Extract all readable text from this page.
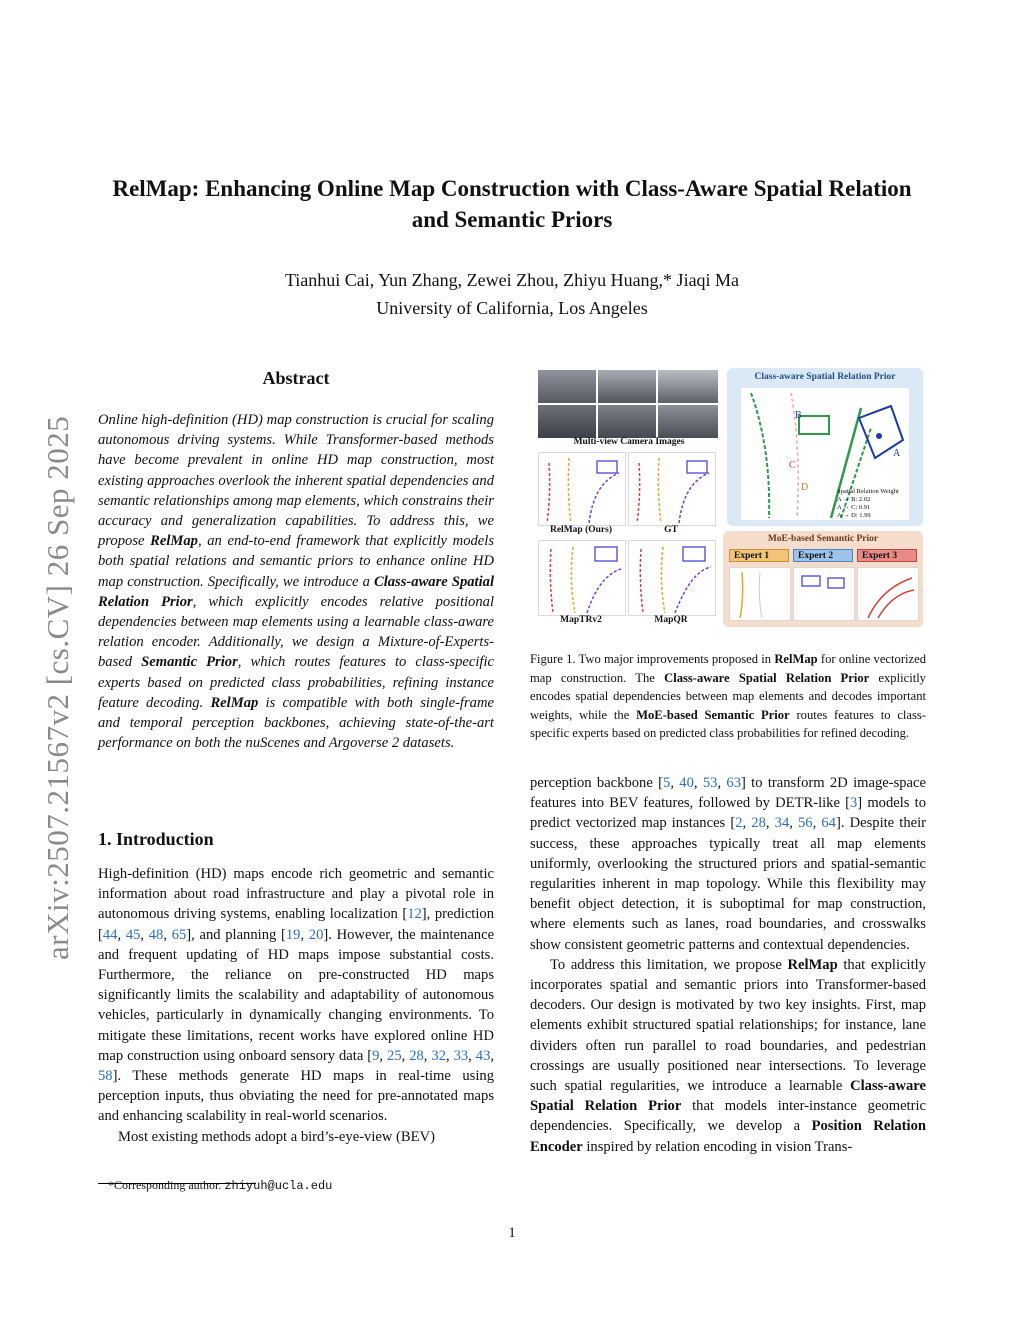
RelMap: Enhancing Online Map Construction with Class-Aware Spatial Relation and Semantic Priors
Tianhui Cai, Yun Zhang, Zewei Zhou, Zhiyu Huang,* Jiaqi Ma
University of California, Los Angeles
arXiv:2507.21567v2 [cs.CV] 26 Sep 2025
Abstract
Online high-definition (HD) map construction is crucial for scaling autonomous driving systems. While Transformer-based methods have become prevalent in online HD map construction, most existing approaches overlook the inherent spatial dependencies and semantic relationships among map elements, which constrains their accuracy and generalization capabilities. To address this, we propose RelMap, an end-to-end framework that explicitly models both spatial relations and semantic priors to enhance online HD map construction. Specifically, we introduce a Class-aware Spatial Relation Prior, which explicitly encodes relative positional dependencies between map elements using a learnable class-aware relation encoder. Additionally, we design a Mixture-of-Experts-based Semantic Prior, which routes features to class-specific experts based on predicted class probabilities, refining instance feature decoding. RelMap is compatible with both single-frame and temporal perception backbones, achieving state-of-the-art performance on both the nuScenes and Argoverse 2 datasets.
1. Introduction

High-definition (HD) maps encode rich geometric and semantic information about road infrastructure and play a pivotal role in autonomous driving systems, enabling localization [12], prediction [44, 45, 48, 65], and planning [19, 20]. However, the maintenance and frequent updating of HD maps impose substantial costs. Furthermore, the reliance on pre-constructed HD maps significantly limits the scalability and adaptability of autonomous vehicles, particularly in dynamically changing environments. To mitigate these limitations, recent works have explored online HD map construction using onboard sensory data [9, 25, 28, 32, 33, 43, 58]. These methods generate HD maps in real-time using perception inputs, thus obviating the need for pre-annotated maps and enhancing scalability in real-world scenarios.

Most existing methods adopt a bird’s-eye-view (BEV)

*Corresponding author. zhiyuh@ucla.edu
Multi-view Camera Images
RelMap (Ours)	GT
MapTRv2	MapQR
Class-aware Spatial Relation Prior
B
A
C
D	Spatial Relation Weight
A → B: 2.02
A → C: 0.91
A → D: 1.99
MoE-based Semantic Prior
Expert 1	Expert 2	Expert 3
Figure 1. Two major improvements proposed in RelMap for online vectorized map construction. The Class-aware Spatial Relation Prior explicitly encodes spatial dependencies between map elements and decodes important weights, while the MoE-based Semantic Prior routes features to class-specific experts based on predicted class probabilities for refined decoding.

perception backbone [5, 40, 53, 63] to transform 2D image-space features into BEV features, followed by DETR-like [3] models to predict vectorized map instances [2, 28, 34, 56, 64]. Despite their success, these approaches typically treat all map elements uniformly, overlooking the structured priors and spatial-semantic regularities inherent in map topology. While this flexibility may benefit object detection, it is suboptimal for map construction, where elements such as lanes, road boundaries, and crosswalks show consistent geometric patterns and contextual dependencies.

To address this limitation, we propose RelMap that explicitly incorporates spatial and semantic priors into Transformer-based decoders. Our design is motivated by two key insights. First, map elements exhibit structured spatial relationships; for instance, lane dividers often run parallel to road boundaries, and pedestrian crossings are usually positioned near intersections. To leverage such spatial regularities, we introduce a learnable Class-aware Spatial Relation Prior that models inter-instance geometric dependencies. Specifically, we develop a Position Relation Encoder inspired by relation encoding in vision Trans-

1
